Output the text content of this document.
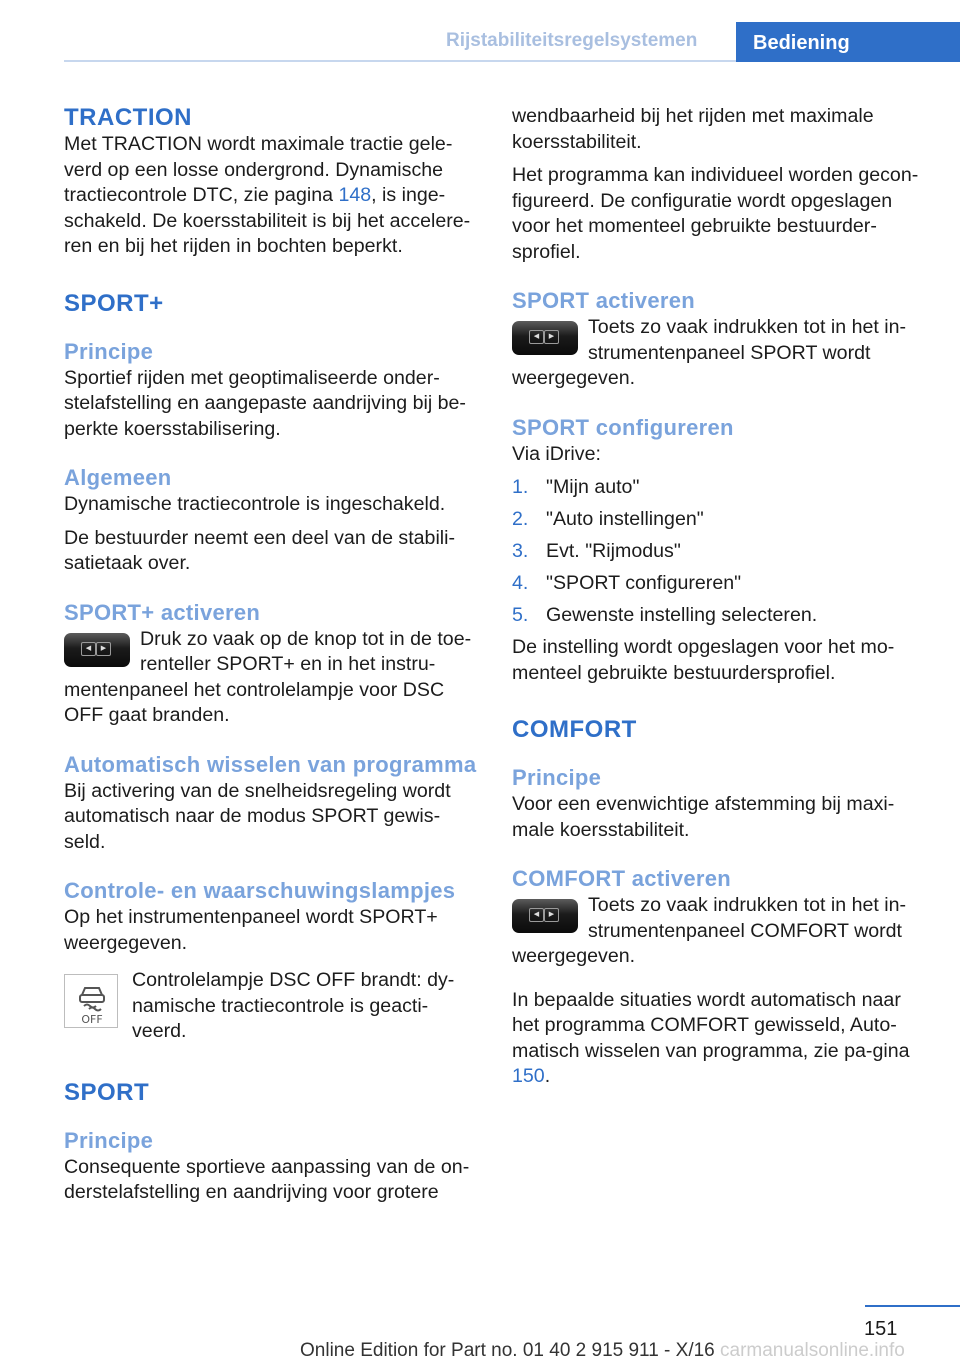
Rijstabiliteitsregelsystemen	Bediening
TRACTION

Met TRACTION wordt maximale tractie gele-verd op een losse ondergrond. Dynamische tractiecontrole DTC, zie pagina 148, is inge-schakeld. De koersstabiliteit is bij het accelere-ren en bij het rijden in bochten beperkt.

SPORT+
Principe

Sportief rijden met geoptimaliseerde onder-stelafstelling en aangepaste aandrijving bij be-perkte koersstabilisering.

Algemeen

Dynamische tractiecontrole is ingeschakeld.

De bestuurder neemt een deel van de stabili-satietaak over.

SPORT+ activeren
◀	▶	Druk zo vaak op de knop tot in de toe-renteller SPORT+ en in het instru-mentenpaneel het controlelampje voor DSC OFF gaat branden.

Automatisch wisselen van programma

Bij activering van de snelheidsregeling wordt automatisch naar de modus SPORT gewis-seld.

Controle- en waarschuwingslampjes

Op het instrumentenpaneel wordt SPORT+ weergegeven.

OFF

Controlelampje DSC OFF brandt: dy-namische tractiecontrole is geacti-veerd.

SPORT
Principe

Consequente sportieve aanpassing van de on-derstelafstelling en aandrijving voor grotere

wendbaarheid bij het rijden met maximale koersstabiliteit.

Het programma kan individueel worden gecon-figureerd. De configuratie wordt opgeslagen voor het momenteel gebruikte bestuurder-sprofiel.

SPORT activeren
◀	▶	Toets zo vaak indrukken tot in het in-strumentenpaneel SPORT wordt weergegeven.

SPORT configureren

Via iDrive:

1. "Mijn auto"
2. "Auto instellingen"
3. Evt. "Rijmodus"
4. "SPORT configureren"
5. Gewenste instelling selecteren.

De instelling wordt opgeslagen voor het mo-menteel gebruikte bestuurdersprofiel.

COMFORT
Principe

Voor een evenwichtige afstemming bij maxi-male koersstabiliteit.

COMFORT activeren
◀	▶	Toets zo vaak indrukken tot in het in-strumentenpaneel COMFORT wordt weergegeven.

In bepaalde situaties wordt automatisch naar het programma COMFORT gewisseld, Auto-matisch wisselen van programma, zie pa-gina 150.

151
Online Edition for Part no. 01 40 2 915 911 - X/16 carmanualsonline.info
